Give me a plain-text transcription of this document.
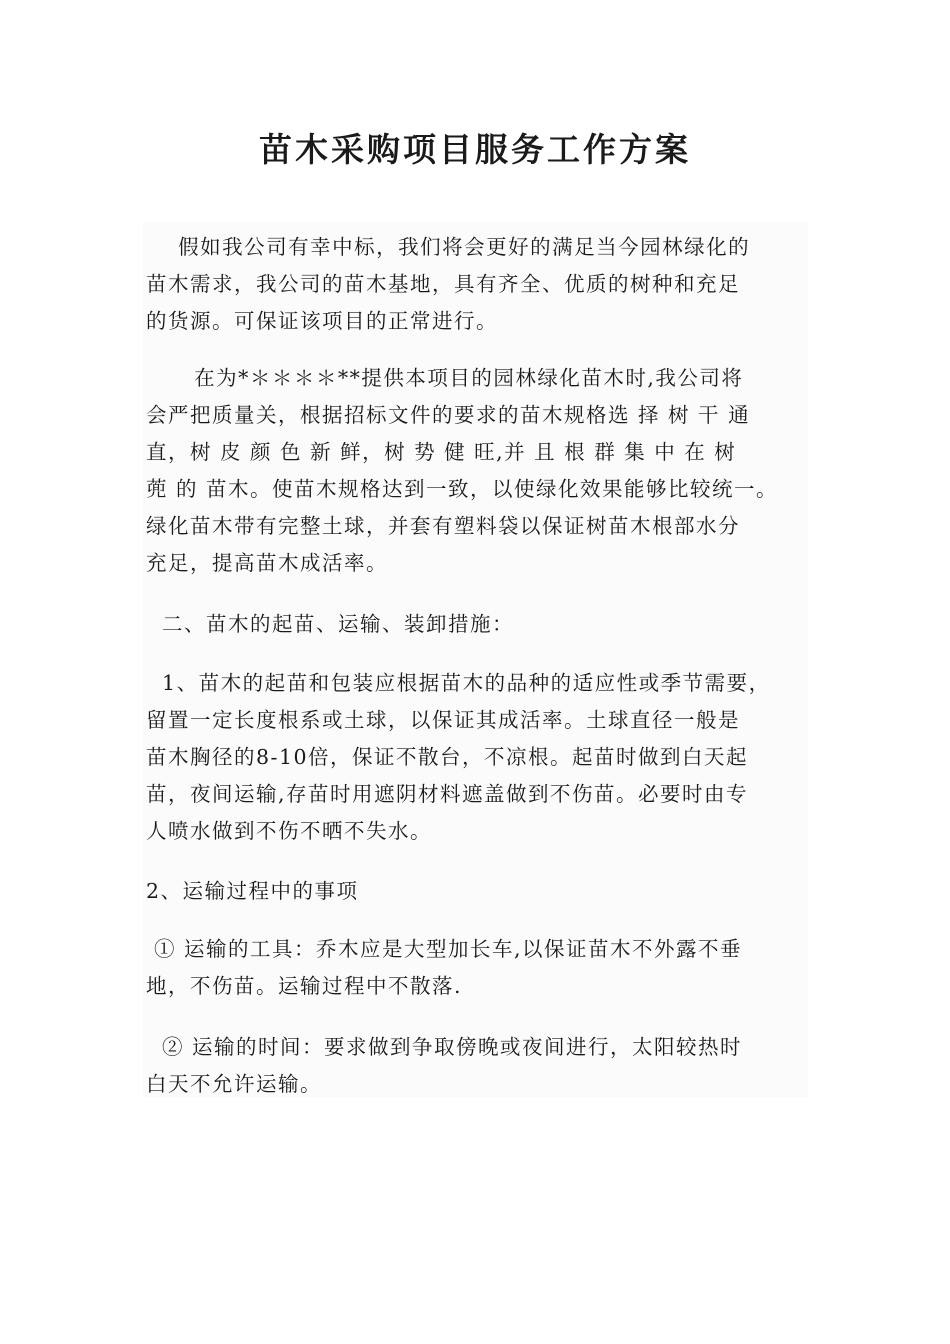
苗木采购项目服务工作方案

假如我公司有幸中标，我们将会更好的满足当今园林绿化的
苗木需求，我公司的苗木基地，具有齐全、优质的树种和充足
的货源。可保证该项目的正常进行。

在为*＊＊＊＊**提供本项目的园林绿化苗木时,我公司将
会严把质量关，根据招标文件的要求的苗木规格选 择 树 干 通
直，树 皮 颜 色 新 鲜，树 势 健 旺,并 且 根 群 集 中 在 树
蔸 的 苗木。使苗木规格达到一致，以使绿化效果能够比较统一。
绿化苗木带有完整土球，并套有塑料袋以保证树苗木根部水分
充足，提高苗木成活率。

二、苗木的起苗、运输、装卸措施：

1、苗木的起苗和包装应根据苗木的品种的适应性或季节需要，
留置一定长度根系或土球，以保证其成活率。土球直径一般是
苗木胸径的8-10倍，保证不散台，不凉根。起苗时做到白天起
苗，夜间运输,存苗时用遮阴材料遮盖做到不伤苗。必要时由专
人喷水做到不伤不晒不失水。

2、运输过程中的事项

① 运输的工具：乔木应是大型加长车,以保证苗木不外露不垂
地，不伤苗。运输过程中不散落.

② 运输的时间：要求做到争取傍晚或夜间进行，太阳较热时
白天不允许运输。
